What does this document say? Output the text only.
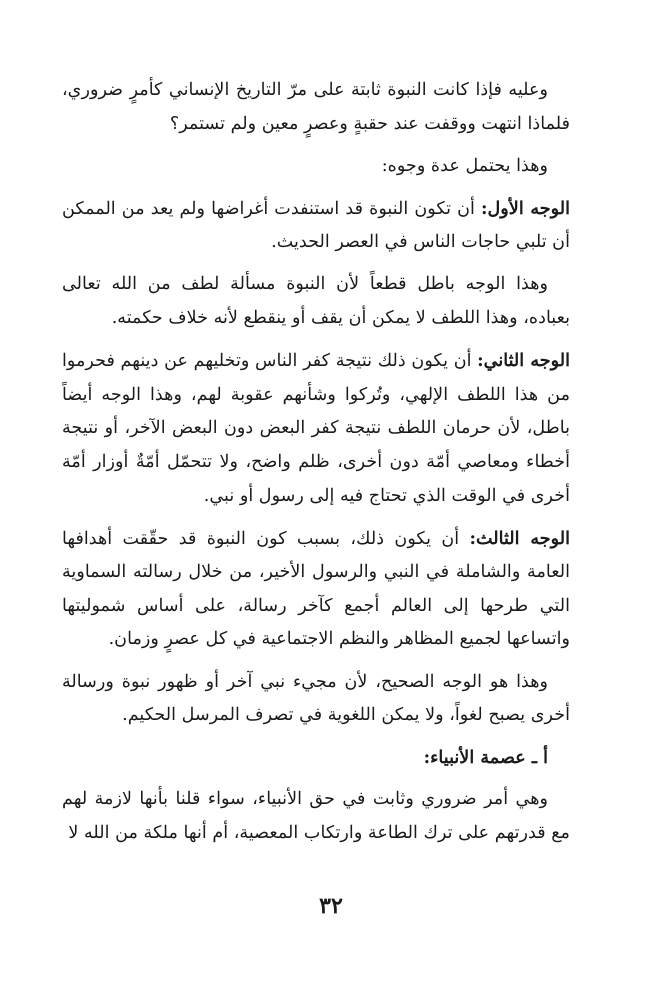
وعليه فإذا كانت النبوة ثابتة على مرّ التاريخ الإنساني كأمرٍ ضروري، فلماذا انتهت ووقفت عند حقبةٍ وعصرٍ معين ولم تستمر؟

وهذا يحتمل عدة وجوه:

الوجه الأول: أن تكون النبوة قد استنفدت أغراضها ولم يعد من الممكن أن تلبي حاجات الناس في العصر الحديث.

وهذا الوجه باطل قطعاً لأن النبوة مسألة لطف من الله تعالى بعباده، وهذا اللطف لا يمكن أن يقف أو ينقطع لأنه خلاف حكمته.

الوجه الثاني: أن يكون ذلك نتيجة كفر الناس وتخليهم عن دينهم فحرموا من هذا اللطف الإلهي، وتُركوا وشأنهم عقوبة لهم، وهذا الوجه أيضاً باطل، لأن حرمان اللطف نتيجة كفر البعض دون البعض الآخر، أو نتيجة أخطاء ومعاصي أمّة دون أخرى، ظلم واضح، ولا تتحمّل أمّةٌ أوزار أمّة أخرى في الوقت الذي تحتاج فيه إلى رسول أو نبي.

الوجه الثالث: أن يكون ذلك، بسبب كون النبوة قد حقّقت أهدافها العامة والشاملة في النبي والرسول الأخير، من خلال رسالته السماوية التي طرحها إلى العالم أجمع كآخر رسالة، على أساس شموليتها واتساعها لجميع المظاهر والنظم الاجتماعية في كل عصرٍ وزمان.

وهذا هو الوجه الصحيح، لأن مجيء نبي آخر أو ظهور نبوة ورسالة أخرى يصبح لغواً، ولا يمكن اللغوية في تصرف المرسل الحكيم.

أ ـ عصمة الأنبياء:

وهي أمر ضروري وثابت في حق الأنبياء، سواء قلنا بأنها لازمة لهم مع قدرتهم على ترك الطاعة وارتكاب المعصية، أم أنها ملكة من الله لا

٣٢
